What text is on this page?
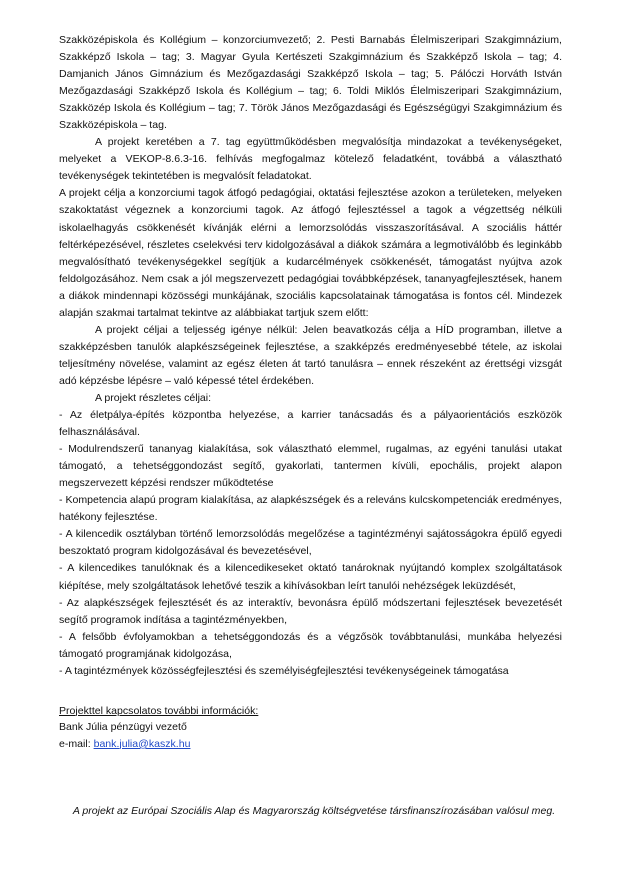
Szakközépiskola és Kollégium – konzorciumvezető; 2. Pesti Barnabás Élelmiszeripari Szakgimnázium, Szakképző Iskola – tag; 3. Magyar Gyula Kertészeti Szakgimnázium és Szakképző Iskola – tag; 4. Damjanich János Gimnázium és Mezőgazdasági Szakképző Iskola – tag; 5. Pálóczi Horváth István Mezőgazdasági Szakképző Iskola és Kollégium – tag; 6. Toldi Miklós Élelmiszeripari Szakgimnázium, Szakközép Iskola és Kollégium – tag; 7. Török János Mezőgazdasági és Egészségügyi Szakgimnázium és Szakközépiskola – tag.

A projekt keretében a 7. tag együttműködésben megvalósítja mindazokat a tevékenységeket, melyeket a VEKOP-8.6.3-16. felhívás megfogalmaz kötelező feladatként, továbbá a választható tevékenységek tekintetében is megvalósít feladatokat.

A projekt célja a konzorciumi tagok átfogó pedagógiai, oktatási fejlesztése azokon a területeken, melyeken szakoktatást végeznek a konzorciumi tagok. Az átfogó fejlesztéssel a tagok a végzettség nélküli iskolaelhagyás csökkenését kívánják elérni a lemorzsolódás visszaszorításával. A szociális háttér feltérképezésével, részletes cselekvési terv kidolgozásával a diákok számára a legmotiválóbb és leginkább megvalósítható tevékenységekkel segítjük a kudarcélmények csökkenését, támogatást nyújtva azok feldolgozásához. Nem csak a jól megszervezett pedagógiai továbbképzések, tananyagfejlesztések, hanem a diákok mindennapi közösségi munkájának, szociális kapcsolatainak támogatása is fontos cél. Mindezek alapján szakmai tartalmat tekintve az alábbiakat tartjuk szem előtt:

A projekt céljai a teljesség igénye nélkül: Jelen beavatkozás célja a HÍD programban, illetve a szakképzésben tanulók alapkészségeinek fejlesztése, a szakképzés eredményesebbé tétele, az iskolai teljesítmény növelése, valamint az egész életen át tartó tanulásra – ennek részeként az érettségi vizsgát adó képzésbe lépésre – való képessé tétel érdekében.

A projekt részletes céljai:

- Az életpálya-építés központba helyezése, a karrier tanácsadás és a pályaorientációs eszközök felhasználásával.

- Modulrendszerű tananyag kialakítása, sok választható elemmel, rugalmas, az egyéni tanulási utakat támogató, a tehetséggondozást segítő, gyakorlati, tantermen kívüli, epochális, projekt alapon megszervezett képzési rendszer működtetése

- Kompetencia alapú program kialakítása, az alapkészségek és a releváns kulcskompetenciák eredményes, hatékony fejlesztése.

- A kilencedik osztályban történő lemorzsolódás megelőzése a tagintézményi sajátosságokra épülő egyedi beszoktató program kidolgozásával és bevezetésével,

- A kilencedikes tanulóknak és a kilencedikeseket oktató tanároknak nyújtandó komplex szolgáltatások kiépítése, mely szolgáltatások lehetővé teszik a kihívásokban leírt tanulói nehézségek leküzdését,

- Az alapkészségek fejlesztését és az interaktív, bevonásra épülő módszertani fejlesztések bevezetését segítő programok indítása a tagintézményekben,

- A felsőbb évfolyamokban a tehetséggondozás és a végzősök továbbtanulási, munkába helyezési támogató programjának kidolgozása,

- A tagintézmények közösségfejlesztési és személyiségfejlesztési tevékenységeinek támogatása

Projekttel kapcsolatos további információk:
Bank Júlia pénzügyi vezető
e-mail: bank.julia@kaszk.hu
A projekt az Európai Szociális Alap és Magyarország költségvetése társfinanszírozásában valósul meg.
